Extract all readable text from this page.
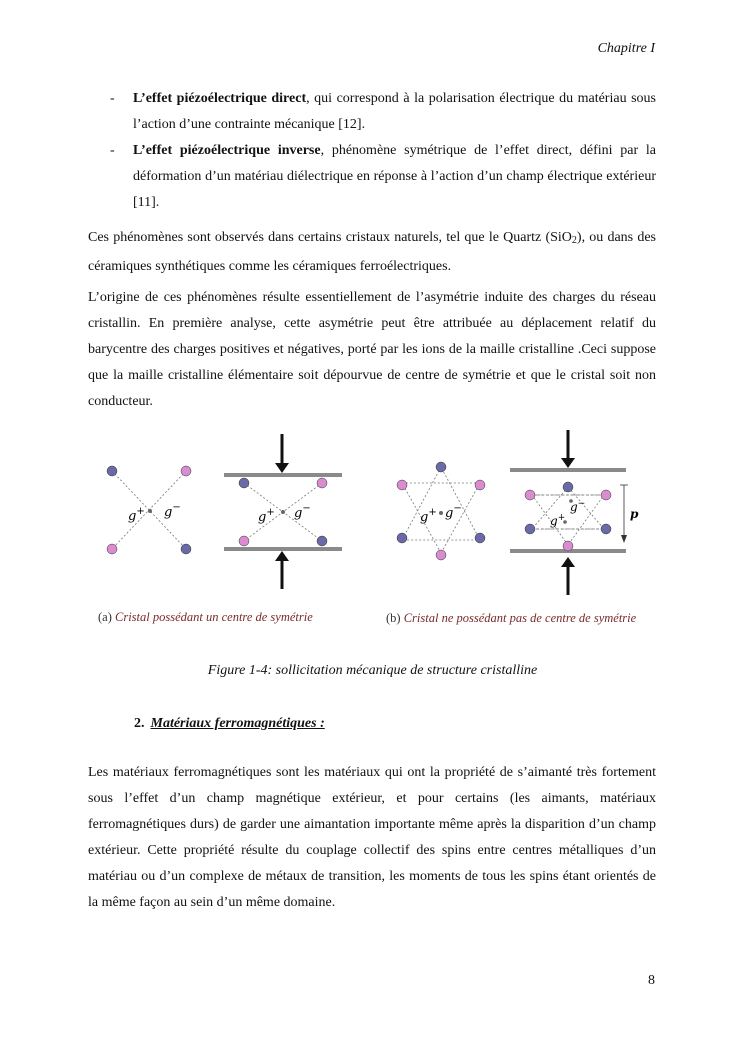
Chapitre I
- L’effet piézoélectrique direct, qui correspond à la polarisation électrique du matériau sous l’action d’une contrainte mécanique [12].
- L’effet piézoélectrique inverse, phénomène symétrique de l’effet direct, défini par la déformation d’un matériau diélectrique en réponse à l’action d’un champ électrique extérieur [11].

Ces phénomènes sont observés dans certains cristaux naturels, tel que le Quartz (SiO$_2$), ou dans des céramiques synthétiques comme les céramiques ferroélectriques.

L’origine de ces phénomènes résulte essentiellement de l’asymétrie induite des charges du réseau cristallin. En première analyse, cette asymétrie peut être attribuée au déplacement relatif du barycentre des charges positives et négatives, porté par les ions de la maille cristalline .Ceci suppose que la maille cristalline élémentaire soit dépourvue de centre de symétrie et que le cristal soit non conducteur.

g+ g−
g+ g−
g+ g−	g−
g+	p
(a) Cristal possédant un centre de symétrie	(b) Cristal ne possédant pas de centre de symétrie
Figure 1-4: sollicitation mécanique de structure cristalline
2. Matériaux ferromagnétiques :

Les matériaux ferromagnétiques sont les matériaux qui ont la propriété de s’aimanté très fortement sous l’effet d’un champ magnétique extérieur, et pour certains (les aimants, matériaux ferromagnétiques durs) de garder une aimantation importante même après la disparition d’un champ extérieur. Cette propriété résulte du couplage collectif des spins entre centres métalliques d’un matériau ou d’un complexe de métaux de transition, les moments de tous les spins étant orientés de la même façon au sein d’un même domaine.

8
